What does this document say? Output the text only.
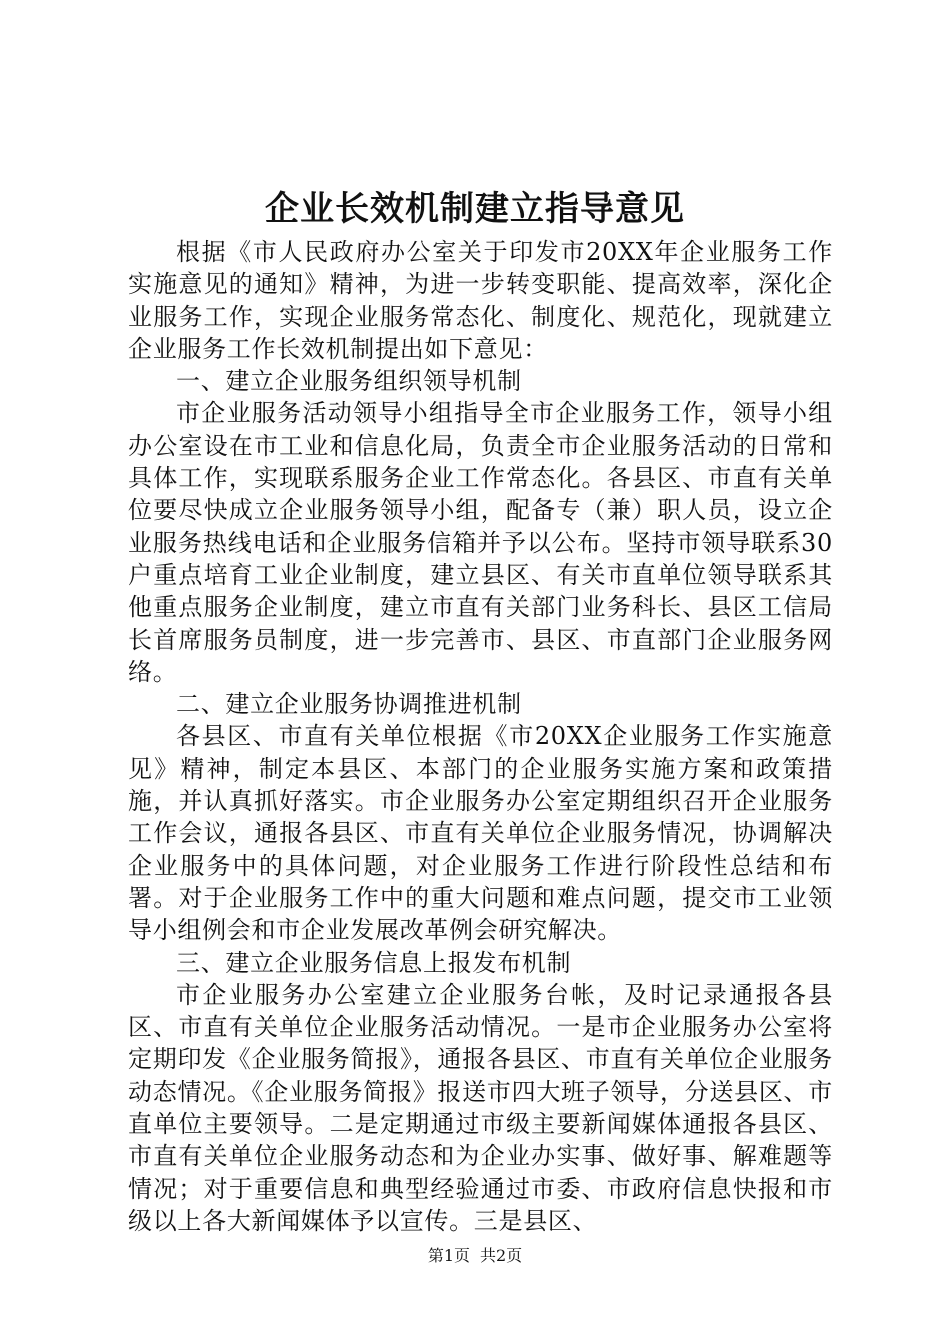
企业长效机制建立指导意见

根据《市人民政府办公室关于印发市20XX年企业服务工作实施意见的通知》精神，为进一步转变职能、提高效率，深化企业服务工作，实现企业服务常态化、制度化、规范化，现就建立企业服务工作长效机制提出如下意见：

一、建立企业服务组织领导机制

市企业服务活动领导小组指导全市企业服务工作，领导小组办公室设在市工业和信息化局，负责全市企业服务活动的日常和具体工作，实现联系服务企业工作常态化。各县区、市直有关单位要尽快成立企业服务领导小组，配备专（兼）职人员，设立企业服务热线电话和企业服务信箱并予以公布。坚持市领导联系30户重点培育工业企业制度，建立县区、有关市直单位领导联系其他重点服务企业制度，建立市直有关部门业务科长、县区工信局长首席服务员制度，进一步完善市、县区、市直部门企业服务网络。

二、建立企业服务协调推进机制

各县区、市直有关单位根据《市20XX企业服务工作实施意见》精神，制定本县区、本部门的企业服务实施方案和政策措施，并认真抓好落实。市企业服务办公室定期组织召开企业服务工作会议，通报各县区、市直有关单位企业服务情况，协调解决企业服务中的具体问题，对企业服务工作进行阶段性总结和布署。对于企业服务工作中的重大问题和难点问题，提交市工业领导小组例会和市企业发展改革例会研究解决。

三、建立企业服务信息上报发布机制

市企业服务办公室建立企业服务台帐，及时记录通报各县区、市直有关单位企业服务活动情况。一是市企业服务办公室将定期印发《企业服务简报》，通报各县区、市直有关单位企业服务动态情况。《企业服务简报》报送市四大班子领导，分送县区、市直单位主要领导。二是定期通过市级主要新闻媒体通报各县区、市直有关单位企业服务动态和为企业办实事、做好事、解难题等情况；对于重要信息和典型经验通过市委、市政府信息快报和市级以上各大新闻媒体予以宣传。三是县区、

第1页 共2页
